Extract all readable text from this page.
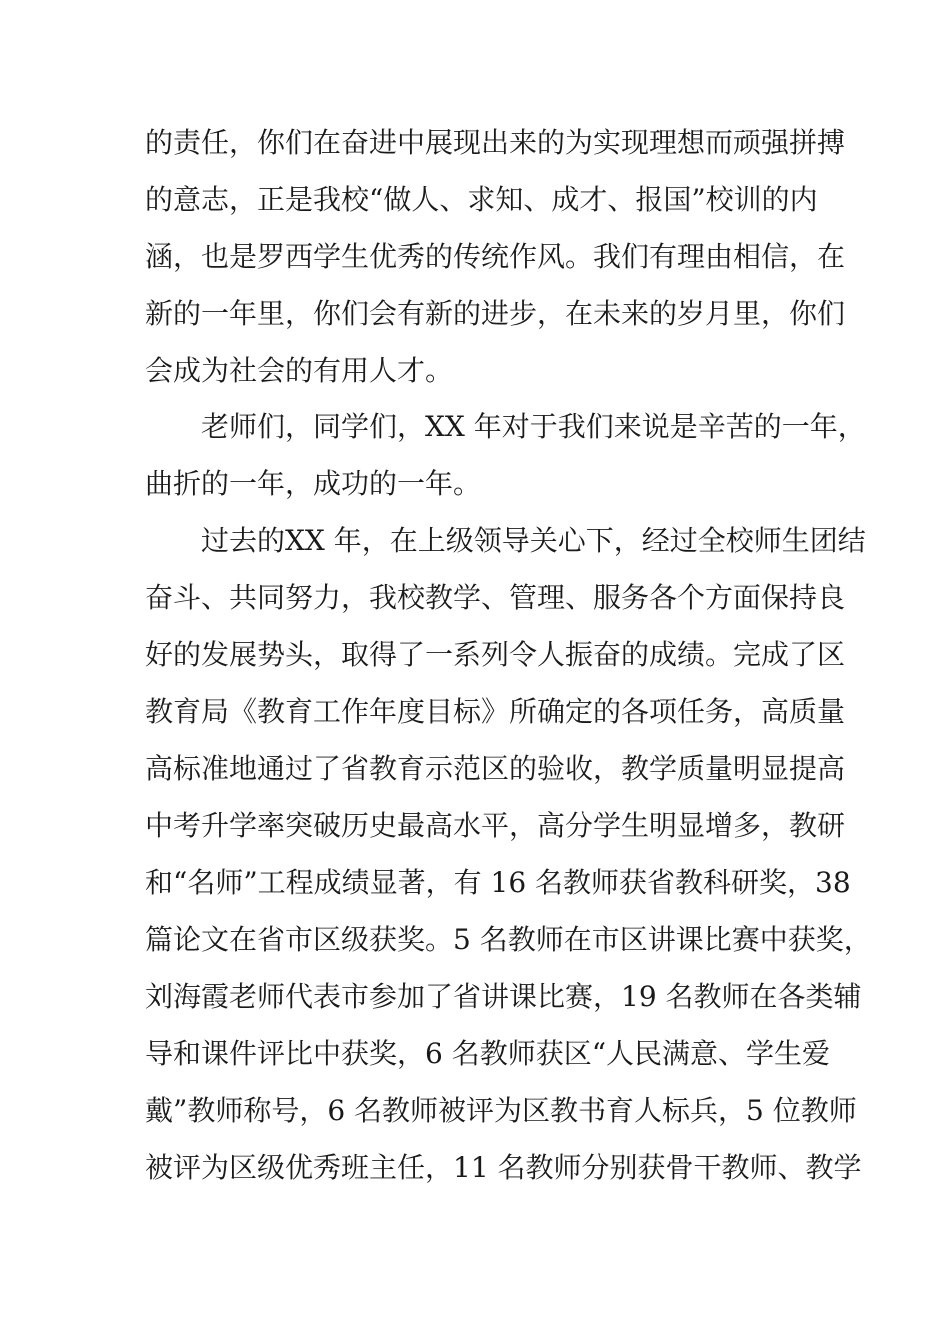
的责任，你们在奋进中展现出来的为实现理想而顽强拼搏
的意志，正是我校“做人、求知、成才、报国”校训的内
涵，也是罗西学生优秀的传统作风。我们有理由相信，在
新的一年里，你们会有新的进步，在未来的岁月里，你们
会成为社会的有用人才。
老师们，同学们，XX 年对于我们来说是辛苦的一年，
曲折的一年，成功的一年。
过去的XX 年，在上级领导关心下，经过全校师生团结
奋斗、共同努力，我校教学、管理、服务各个方面保持良
好的发展势头，取得了一系列令人振奋的成绩。完成了区
教育局《教育工作年度目标》所确定的各项任务，高质量
高标准地通过了省教育示范区的验收，教学质量明显提高
中考升学率突破历史最高水平，高分学生明显增多，教研
和“名师”工程成绩显著，有 16 名教师获省教科研奖，38
篇论文在省市区级获奖。5 名教师在市区讲课比赛中获奖，
刘海霞老师代表市参加了省讲课比赛，19 名教师在各类辅
导和课件评比中获奖，6 名教师获区“人民满意、学生爱
戴”教师称号，6 名教师被评为区教书育人标兵，5 位教师
被评为区级优秀班主任，11 名教师分别获骨干教师、教学
